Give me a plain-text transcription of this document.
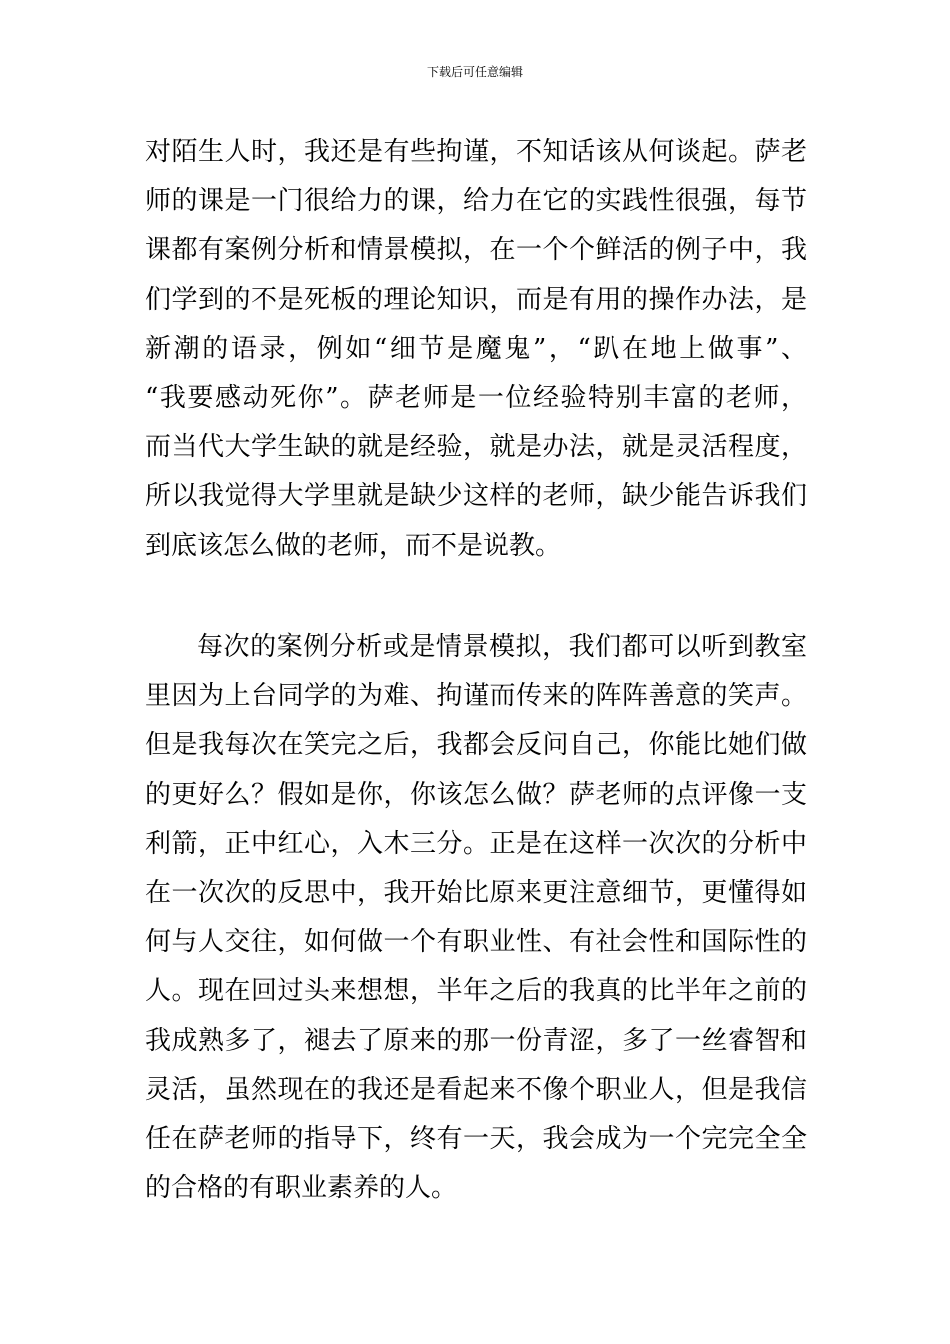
下载后可任意编辑
对陌生人时，我还是有些拘谨，不知话该从何谈起。萨老
师的课是一门很给力的课，给力在它的实践性很强，每节
课都有案例分析和情景模拟，在一个个鲜活的例子中，我
们学到的不是死板的理论知识，而是有用的操作办法，是
新潮的语录，例如“细节是魔鬼”，“趴在地上做事”、
“我要感动死你”。萨老师是一位经验特别丰富的老师，
而当代大学生缺的就是经验，就是办法，就是灵活程度，
所以我觉得大学里就是缺少这样的老师，缺少能告诉我们
到底该怎么做的老师，而不是说教。
每次的案例分析或是情景模拟，我们都可以听到教室
里因为上台同学的为难、拘谨而传来的阵阵善意的笑声。
但是我每次在笑完之后，我都会反问自己，你能比她们做
的更好么？假如是你，你该怎么做？萨老师的点评像一支
利箭，正中红心，入木三分。正是在这样一次次的分析中
在一次次的反思中，我开始比原来更注意细节，更懂得如
何与人交往，如何做一个有职业性、有社会性和国际性的
人。现在回过头来想想，半年之后的我真的比半年之前的
我成熟多了，褪去了原来的那一份青涩，多了一丝睿智和
灵活，虽然现在的我还是看起来不像个职业人，但是我信
任在萨老师的指导下，终有一天，我会成为一个完完全全
的合格的有职业素养的人。
